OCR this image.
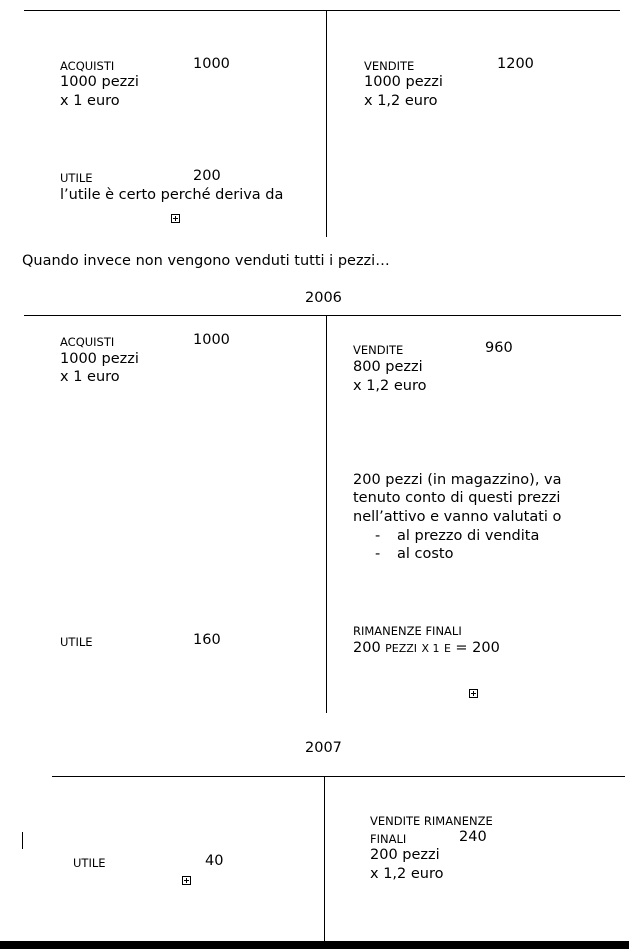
ACQUISTI	1000
1000 pezzi
x 1 euro
UTILE	200
l’utile è certo perché deriva da
VENDITE	1200
1000 pezzi
x 1,2 euro
Quando invece non vengono venduti tutti i pezzi…
2006
ACQUISTI	1000
1000 pezzi
x 1 euro
UTILE	160
VENDITE	960
800 pezzi
x 1,2 euro
200 pezzi (in magazzino), va
tenuto conto di questi prezzi
nell’attivo e vanno valutati o
- al prezzo di vendita
- al costo
RIMANENZE FINALI
200 PEZZI X 1 E = 200
2007
UTILE	40
VENDITE RIMANENZE
FINALI	240
200 pezzi
x 1,2 euro
